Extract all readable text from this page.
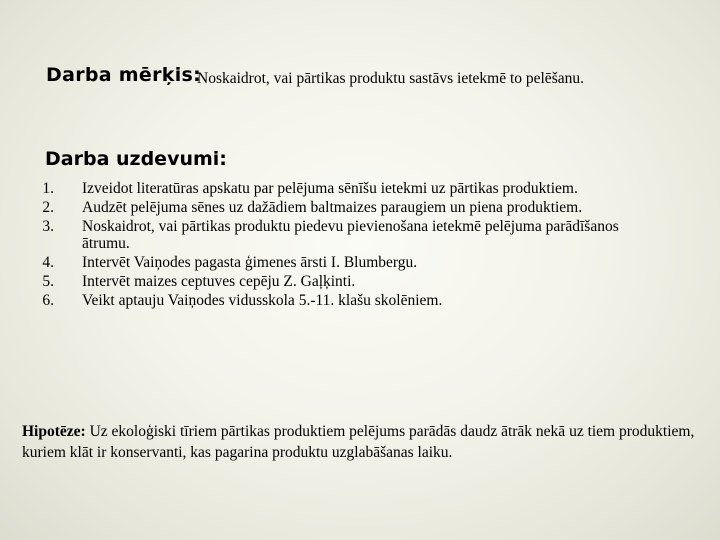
Darba mērķis:
Noskaidrot, vai pārtikas produktu sastāvs ietekmē to pelēšanu.
Darba uzdevumi:
1. Izveidot literatūras apskatu par pelējuma sēnīšu ietekmi uz pārtikas produktiem.
2. Audzēt pelējuma sēnes uz dažādiem baltmaizes paraugiem un piena produktiem.
3. Noskaidrot, vai pārtikas produktu piedevu pievienošana ietekmē pelējuma parādīšanos ātrumu.
4. Intervēt Vaiņodes pagasta ģimenes ārsti I. Blumbergu.
5. Intervēt maizes ceptuves cepēju Z. Gaļķinti.
6. Veikt aptauju Vaiņodes vidusskola 5.-11. klašu skolēniem.

Hipotēze: Uz ekoloģiski tīriem pārtikas produktiem pelējums parādās daudz ātrāk nekā uz tiem produktiem, kuriem klāt ir konservanti, kas pagarina produktu uzglabāšanas laiku.
